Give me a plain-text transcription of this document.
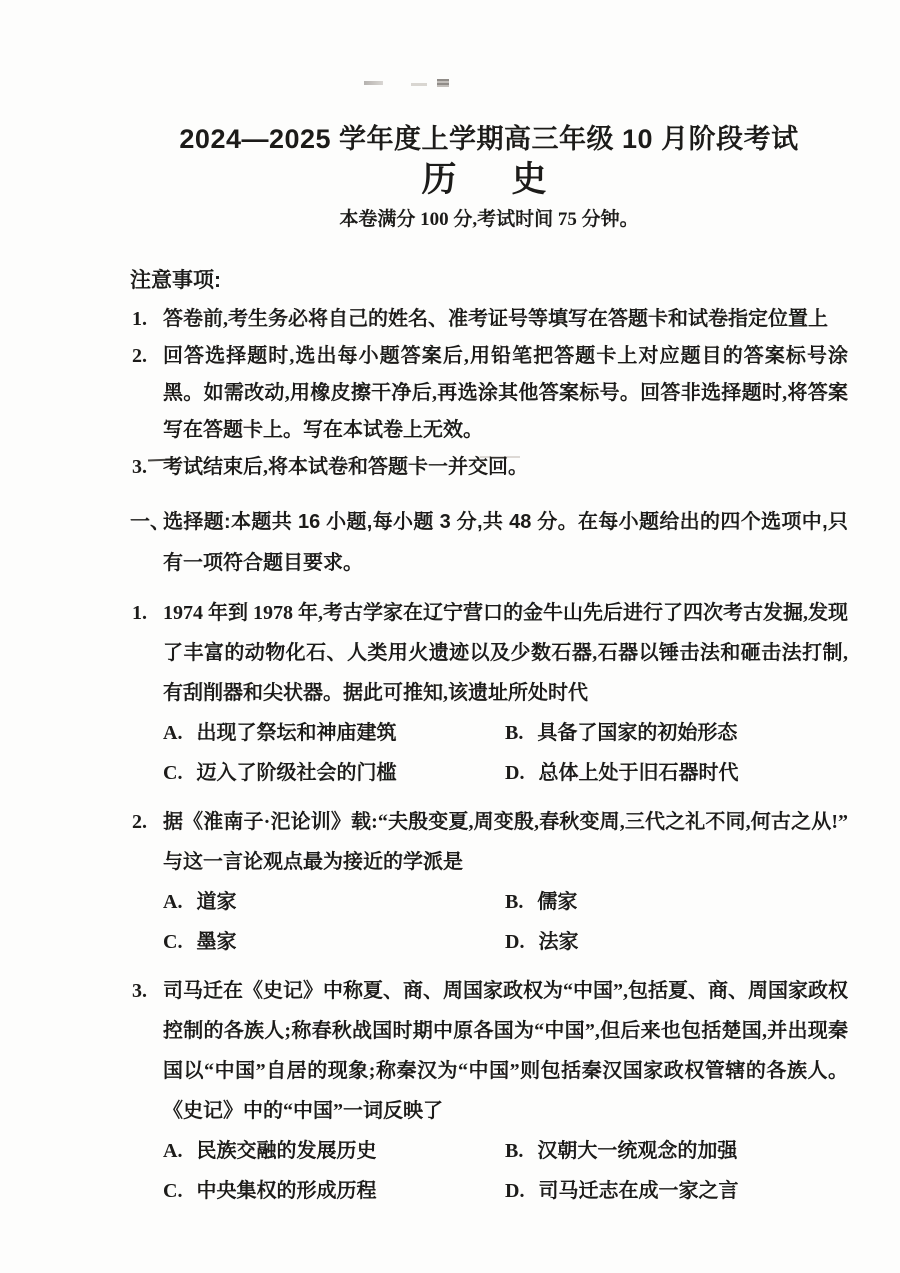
2024—2025 学年度上学期高三年级 10 月阶段考试
历　史
本卷满分 100 分,考试时间 75 分钟。
注意事项:
1. 答卷前,考生务必将自己的姓名、准考证号等填写在答题卡和试卷指定位置上
2. 回答选择题时,选出每小题答案后,用铅笔把答题卡上对应题目的答案标号涂黑。如需改动,用橡皮擦干净后,再选涂其他答案标号。回答非选择题时,将答案写在答题卡上。写在本试卷上无效。
3. 考试结束后,将本试卷和答题卡一并交回。
一、
选择题:本题共 16 小题,每小题 3 分,共 48 分。在每小题给出的四个选项中,只有一项符合题目要求。
1. 1974 年到 1978 年,考古学家在辽宁营口的金牛山先后进行了四次考古发掘,发现了丰富的动物化石、人类用火遗迹以及少数石器,石器以锤击法和砸击法打制,有刮削器和尖状器。据此可推知,该遗址所处时代
A. 出现了祭坛和神庙建筑	B. 具备了国家的初始形态
C. 迈入了阶级社会的门槛	D. 总体上处于旧石器时代
2. 据《淮南子·汜论训》载:“夫殷变夏,周变殷,春秋变周,三代之礼不同,何古之从!”与这一言论观点最为接近的学派是
A. 道家	B. 儒家
C. 墨家	D. 法家
3. 司马迁在《史记》中称夏、商、周国家政权为“中国”,包括夏、商、周国家政权控制的各族人;称春秋战国时期中原各国为“中国”,但后来也包括楚国,并出现秦国以“中国”自居的现象;称秦汉为“中国”则包括秦汉国家政权管辖的各族人。《史记》中的“中国”一词反映了
A. 民族交融的发展历史	B. 汉朝大一统观念的加强
C. 中央集权的形成历程	D. 司马迁志在成一家之言
